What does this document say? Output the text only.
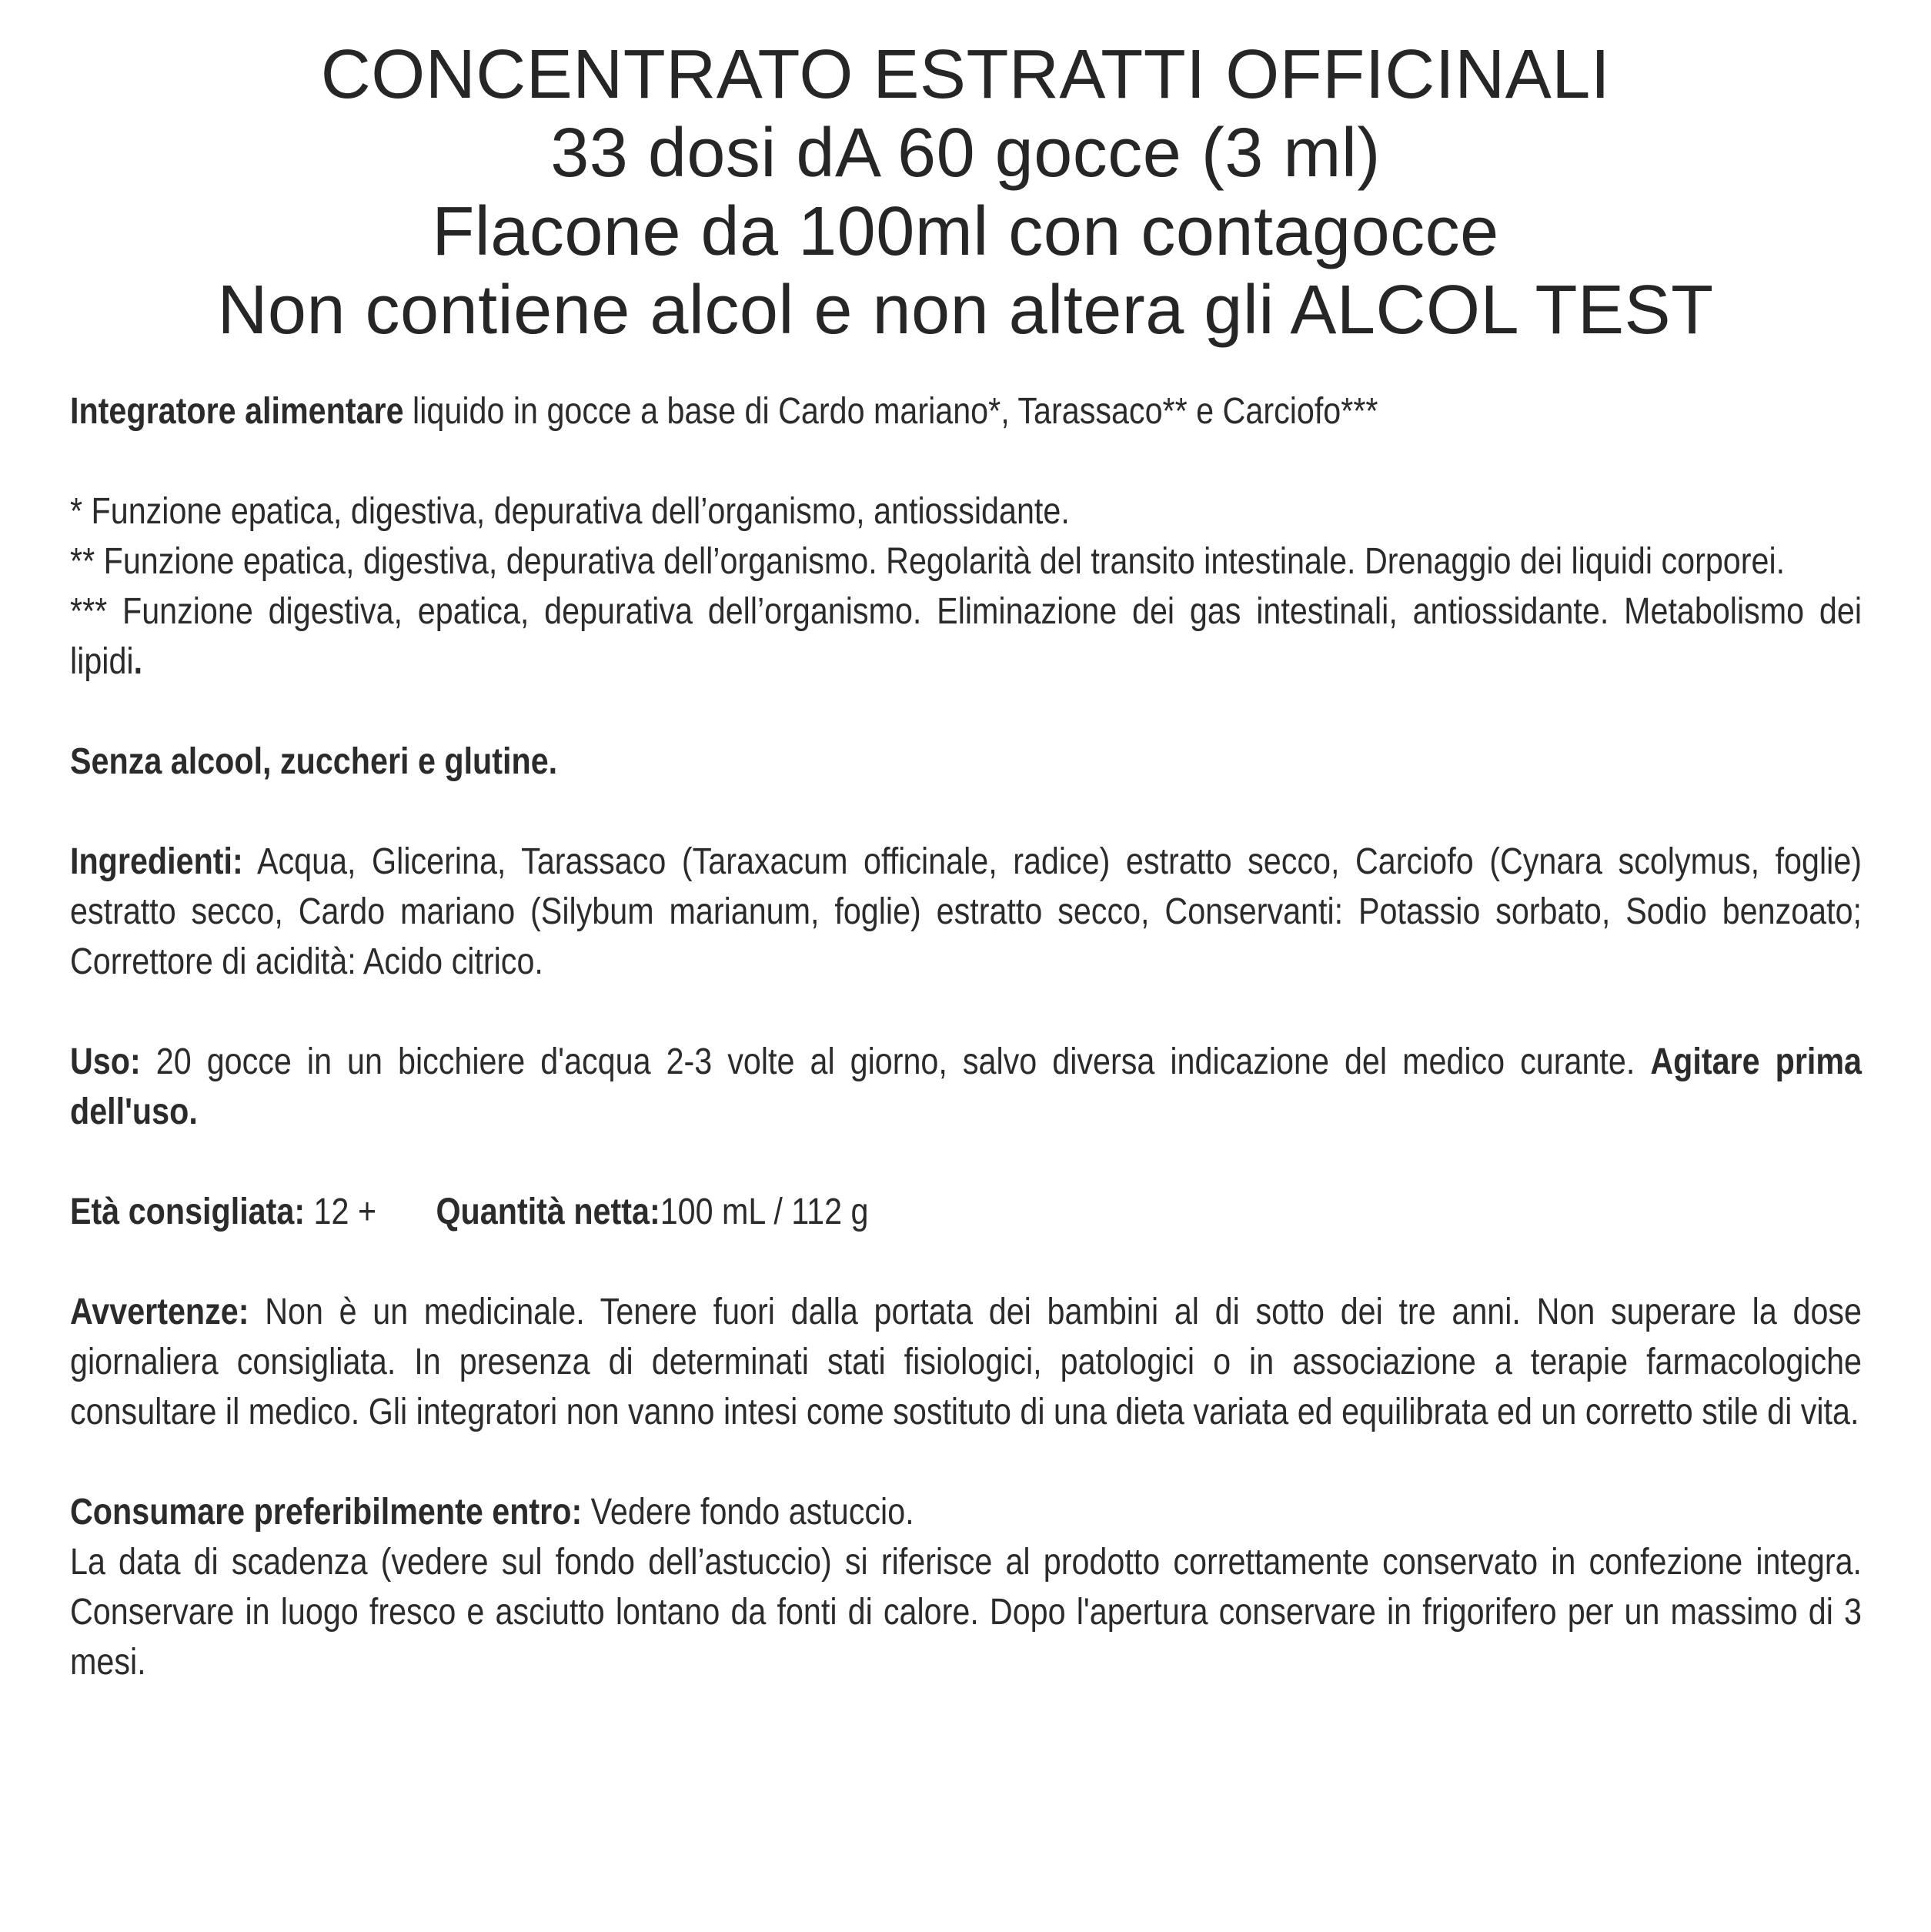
CONCENTRATO ESTRATTI OFFICINALI
33 dosi dA 60 gocce (3 ml)
Flacone da 100ml con contagocce
Non contiene alcol e non altera gli ALCOL TEST

Integratore alimentare liquido in gocce a base di Cardo mariano*, Tarassaco** e Carciofo***

* Funzione epatica, digestiva, depurativa dell’organismo, antiossidante.

** Funzione epatica, digestiva, depurativa dell’organismo. Regolarità del transito intestinale. Drenaggio dei liquidi corporei.

*** Funzione digestiva, epatica, depurativa dell’organismo. Eliminazione dei gas intestinali, antiossidante. Metabolismo dei lipidi.

Senza alcool, zuccheri e glutine.

Ingredienti: Acqua, Glicerina, Tarassaco (Taraxacum officinale, radice) estratto secco, Carciofo (Cynara scolymus, foglie) estratto secco, Cardo mariano (Silybum marianum, foglie) estratto secco, Conservanti: Potassio sorbato, Sodio benzoato; Correttore di acidità: Acido citrico.

Uso: 20 gocce in un bicchiere d'acqua 2-3 volte al giorno, salvo diversa indicazione del medico curante. Agitare prima dell'uso.

Età consigliata: 12 + Quantità netta:100 mL / 112 g

Avvertenze: Non è un medicinale. Tenere fuori dalla portata dei bambini al di sotto dei tre anni. Non superare la dose giornaliera consigliata. In presenza di determinati stati fisiologici, patologici o in associazione a terapie farmacologiche consultare il medico. Gli integratori non vanno intesi come sostituto di una dieta variata ed equilibrata ed un corretto stile di vita.

Consumare preferibilmente entro: Vedere fondo astuccio.

La data di scadenza (vedere sul fondo dell’astuccio) si riferisce al prodotto correttamente conservato in confezione integra. Conservare in luogo fresco e asciutto lontano da fonti di calore. Dopo l'apertura conservare in frigorifero per un massimo di 3 mesi.
